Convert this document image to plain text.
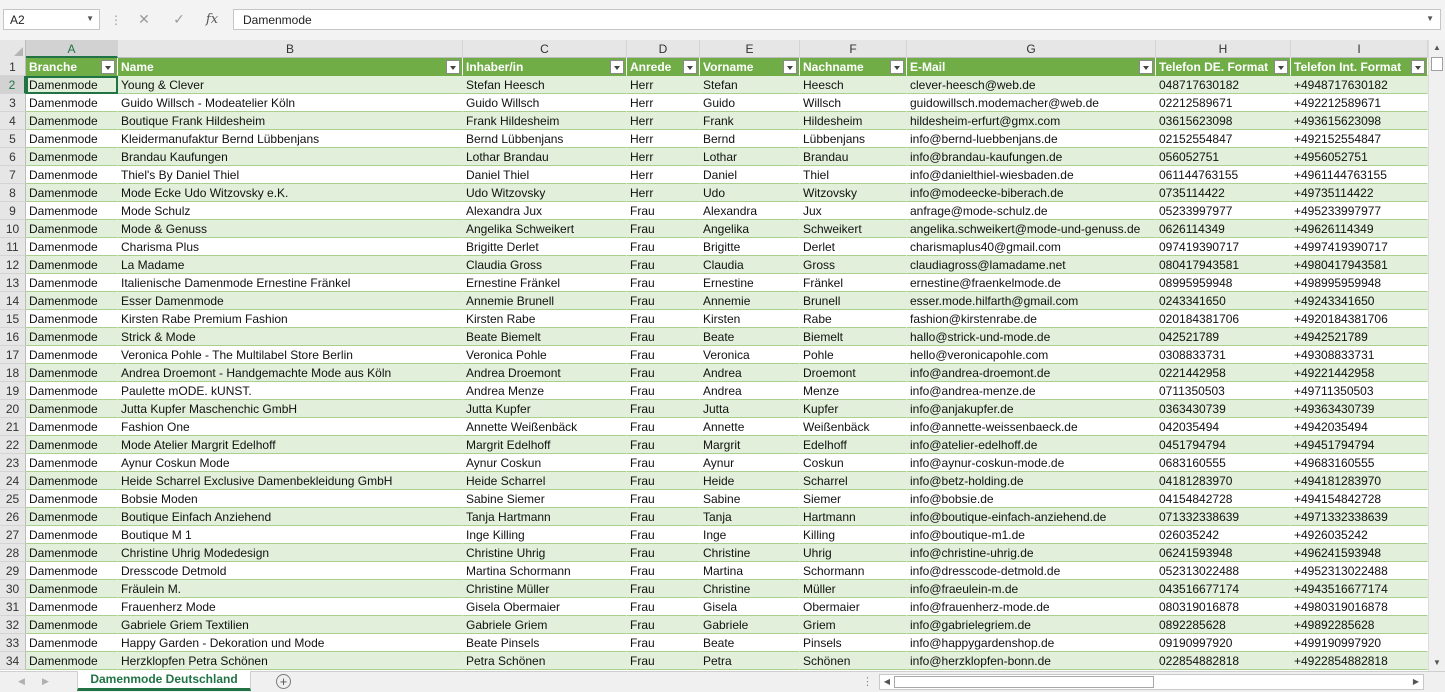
A2	▼ ⋮	✕	✓	fx	Damenmode	▼
A	B	C	D	E	F	G	H	I
1	Branche	Name	Inhaber/in	Anrede	Vorname	Nachname	E-Mail	Telefon DE. Format	Telefon Int. Format
2	Damenmode	Young & Clever	Stefan Heesch	Herr	Stefan	Heesch	clever-heesch@web.de	048717630182	+4948717630182
3	Damenmode	Guido Willsch - Modeatelier Köln	Guido Willsch	Herr	Guido	Willsch	guidowillsch.modemacher@web.de	02212589671	+492212589671
4	Damenmode	Boutique Frank Hildesheim	Frank Hildesheim	Herr	Frank	Hildesheim	hildesheim-erfurt@gmx.com	03615623098	+493615623098
5	Damenmode	Kleidermanufaktur Bernd Lübbenjans	Bernd Lübbenjans	Herr	Bernd	Lübbenjans	info@bernd-luebbenjans.de	02152554847	+492152554847
6	Damenmode	Brandau Kaufungen	Lothar Brandau	Herr	Lothar	Brandau	info@brandau-kaufungen.de	056052751	+4956052751
7	Damenmode	Thiel's By Daniel Thiel	Daniel Thiel	Herr	Daniel	Thiel	info@danielthiel-wiesbaden.de	061144763155	+4961144763155
8	Damenmode	Mode Ecke Udo Witzovsky e.K.	Udo Witzovsky	Herr	Udo	Witzovsky	info@modeecke-biberach.de	0735114422	+49735114422
9	Damenmode	Mode Schulz	Alexandra Jux	Frau	Alexandra	Jux	anfrage@mode-schulz.de	05233997977	+495233997977
10 Damenmode	Mode & Genuss	Angelika Schweikert	Frau	Angelika	Schweikert	angelika.schweikert@mode-und-genuss.de	0626114349	+49626114349
11 Damenmode	Charisma Plus	Brigitte Derlet	Frau	Brigitte	Derlet	charismaplus40@gmail.com	097419390717	+4997419390717
12 Damenmode	La Madame	Claudia Gross	Frau	Claudia	Gross	claudiagross@lamadame.net	080417943581	+4980417943581
13 Damenmode	Italienische Damenmode Ernestine Fränkel	Ernestine Fränkel	Frau	Ernestine	Fränkel	ernestine@fraenkelmode.de	08995959948	+498995959948
14 Damenmode	Esser Damenmode	Annemie Brunell	Frau	Annemie	Brunell	esser.mode.hilfarth@gmail.com	0243341650	+49243341650
15 Damenmode	Kirsten Rabe Premium Fashion	Kirsten Rabe	Frau	Kirsten	Rabe	fashion@kirstenrabe.de	020184381706	+4920184381706
16 Damenmode	Strick & Mode	Beate Biemelt	Frau	Beate	Biemelt	hallo@strick-und-mode.de	042521789	+4942521789
17 Damenmode	Veronica Pohle - The Multilabel Store Berlin	Veronica Pohle	Frau	Veronica	Pohle	hello@veronicapohle.com	0308833731	+49308833731
18 Damenmode	Andrea Droemont - Handgemachte Mode aus Köln	Andrea Droemont	Frau	Andrea	Droemont	info@andrea-droemont.de	0221442958	+49221442958
19 Damenmode	Paulette mODE. kUNST.	Andrea Menze	Frau	Andrea	Menze	info@andrea-menze.de	0711350503	+49711350503
20 Damenmode	Jutta Kupfer Maschenchic GmbH	Jutta Kupfer	Frau	Jutta	Kupfer	info@anjakupfer.de	0363430739	+49363430739
21 Damenmode	Fashion One	Annette Weißenbäck	Frau	Annette	Weißenbäck	info@annette-weissenbaeck.de	042035494	+4942035494
22 Damenmode	Mode Atelier Margrit Edelhoff	Margrit Edelhoff	Frau	Margrit	Edelhoff	info@atelier-edelhoff.de	0451794794	+49451794794
23 Damenmode	Aynur Coskun Mode	Aynur Coskun	Frau	Aynur	Coskun	info@aynur-coskun-mode.de	0683160555	+49683160555
24 Damenmode	Heide Scharrel Exclusive Damenbekleidung GmbH	Heide Scharrel	Frau	Heide	Scharrel	info@betz-holding.de	04181283970	+494181283970
25 Damenmode	Bobsie Moden	Sabine Siemer	Frau	Sabine	Siemer	info@bobsie.de	04154842728	+494154842728
26 Damenmode	Boutique Einfach Anziehend	Tanja Hartmann	Frau	Tanja	Hartmann	info@boutique-einfach-anziehend.de	071332338639	+4971332338639
27 Damenmode	Boutique M 1	Inge Killing	Frau	Inge	Killing	info@boutique-m1.de	026035242	+4926035242
28 Damenmode	Christine Uhrig Modedesign	Christine Uhrig	Frau	Christine	Uhrig	info@christine-uhrig.de	06241593948	+496241593948
29 Damenmode	Dresscode Detmold	Martina Schormann	Frau	Martina	Schormann	info@dresscode-detmold.de	052313022488	+4952313022488
30 Damenmode	Fräulein M.	Christine Müller	Frau	Christine	Müller	info@fraeulein-m.de	043516677174	+4943516677174
31 Damenmode	Frauenherz Mode	Gisela Obermaier	Frau	Gisela	Obermaier	info@frauenherz-mode.de	080319016878	+4980319016878
32 Damenmode	Gabriele Griem Textilien	Gabriele Griem	Frau	Gabriele	Griem	info@gabrielegriem.de	0892285628	+49892285628
33 Damenmode	Happy Garden - Dekoration und Mode	Beate Pinsels	Frau	Beate	Pinsels	info@happygardenshop.de	09190997920	+499190997920
34 Damenmode	Herzklopfen Petra Schönen	Petra Schönen	Frau	Petra	Schönen	info@herzklopfen-bonn.de	022854882818	+4922854882818
▲
▼
◀ ▶	Damenmode Deutschland	+	⋮	◀	▶
